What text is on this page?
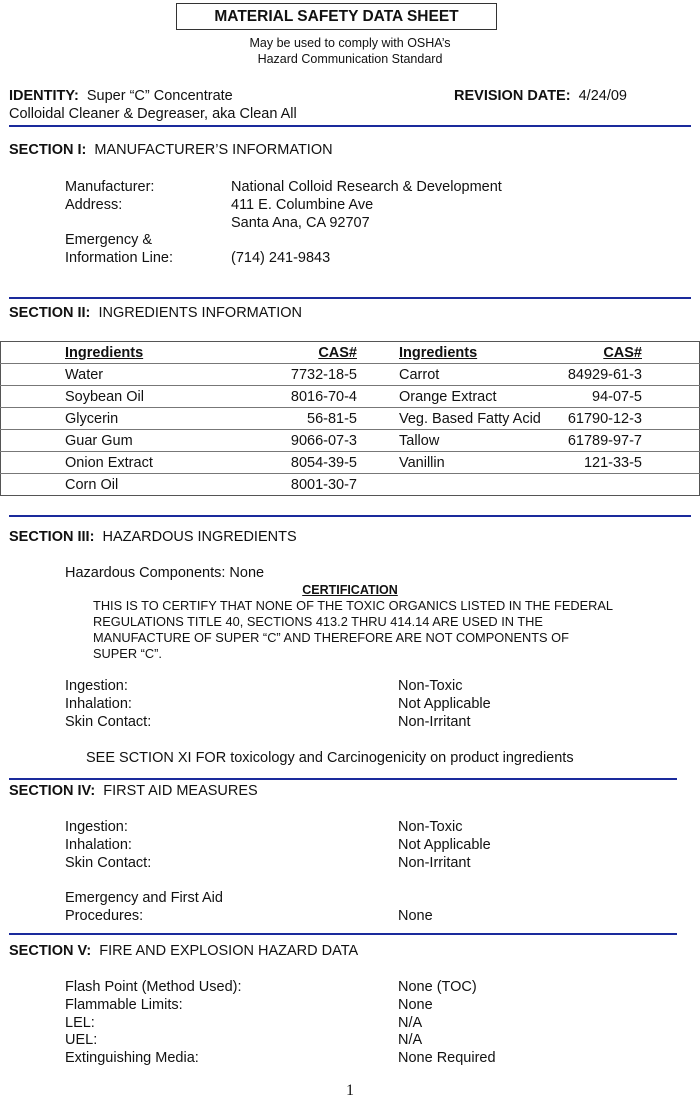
MATERIAL SAFETY DATA SHEET
May be used to comply with OSHA’s
Hazard Communication Standard
IDENTITY: Super “C” Concentrate
Colloidal Cleaner & Degreaser, aka Clean All
REVISION DATE: 4/24/09
SECTION I: MANUFACTURER’S INFORMATION
Manufacturer:	National Colloid Research & Development
Address:	411 E. Columbine Ave
Santa Ana, CA 92707
Emergency &
Information Line:	(714) 241-9843
SECTION II: INGREDIENTS INFORMATION
	Ingredients	CAS#		Ingredients	CAS#	
	Water	7732-18-5		Carrot	84929-61-3	
	Soybean Oil	8016-70-4		Orange Extract	94-07-5	
	Glycerin	56-81-5		Veg. Based Fatty Acid	61790-12-3	
	Guar Gum	9066-07-3		Tallow	61789-97-7	
	Onion Extract	8054-39-5		Vanillin	121-33-5	
	Corn Oil	8001-30-7				
SECTION III: HAZARDOUS INGREDIENTS
Hazardous Components: None
CERTIFICATION
THIS IS TO CERTIFY THAT NONE OF THE TOXIC ORGANICS LISTED IN THE FEDERAL
REGULATIONS TITLE 40, SECTIONS 413.2 THRU 414.14 ARE USED IN THE
MANUFACTURE OF SUPER “C” AND THEREFORE ARE NOT COMPONENTS OF
SUPER “C”.
Ingestion:	Non-Toxic
Inhalation:	Not Applicable
Skin Contact:	Non-Irritant
SEE SCTION XI FOR toxicology and Carcinogenicity on product ingredients
SECTION IV: FIRST AID MEASURES
Ingestion:	Non-Toxic
Inhalation:	Not Applicable
Skin Contact:	Non-Irritant
Emergency and First Aid
Procedures:	None
SECTION V: FIRE AND EXPLOSION HAZARD DATA
Flash Point (Method Used):	None (TOC)
Flammable Limits:	None
LEL:	N/A
UEL:	N/A
Extinguishing Media:	None Required
1
